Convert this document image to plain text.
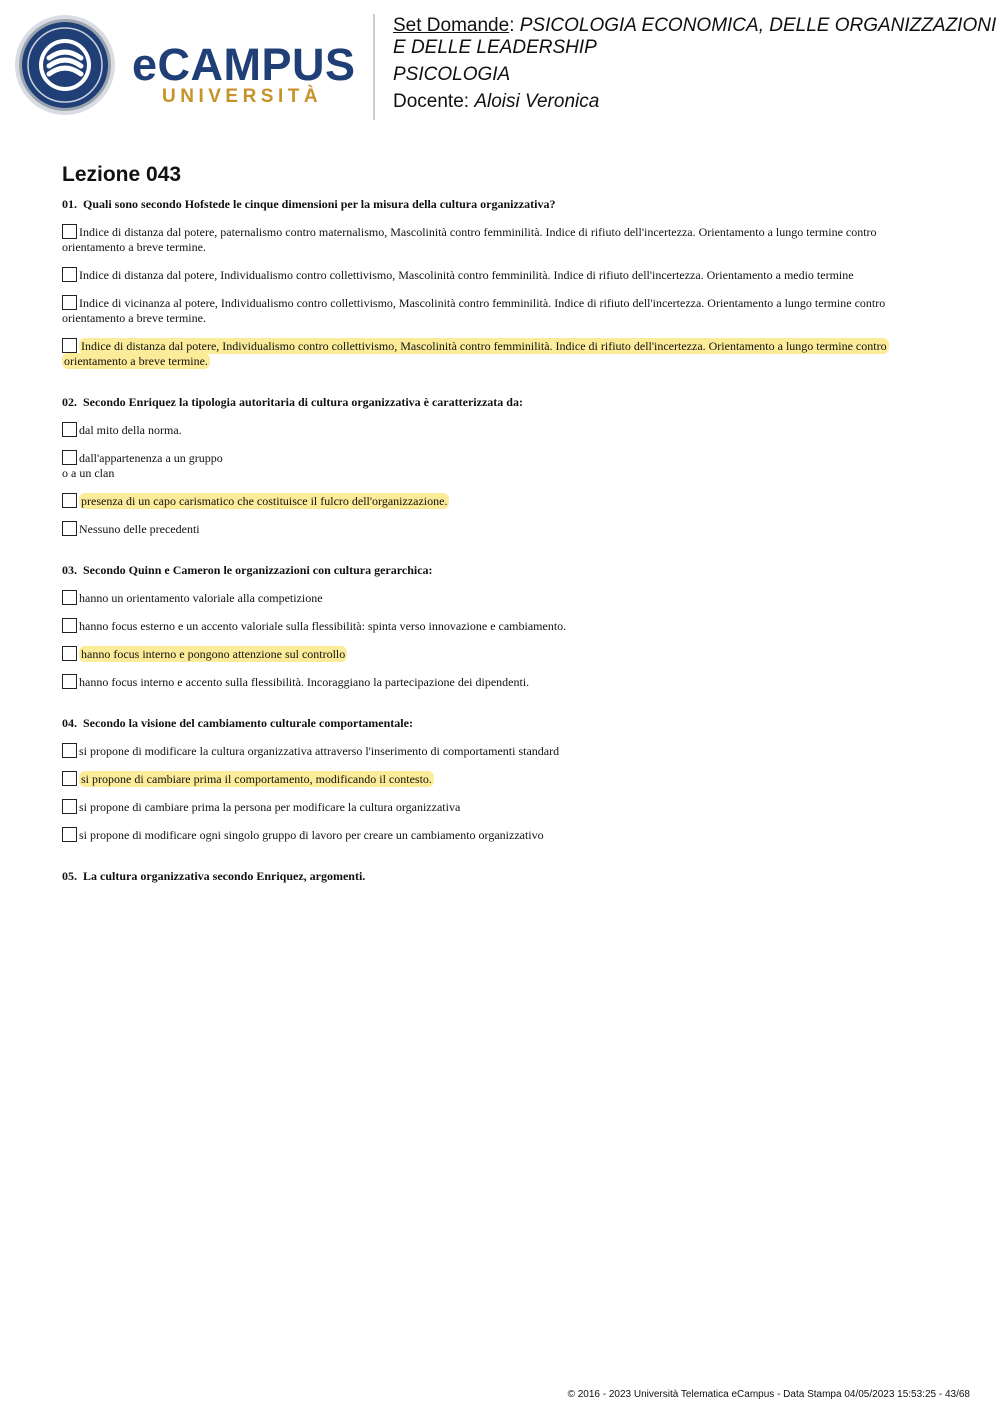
eCAMPUS
UNIVERSITÀ
Set Domande: PSICOLOGIA ECONOMICA, DELLE ORGANIZZAZIONI E DELLE LEADERSHIP
PSICOLOGIA
Docente: Aloisi Veronica
Lezione 043
01. Quali sono secondo Hofstede le cinque dimensioni per la misura della cultura organizzativa?
Indice di distanza dal potere, paternalismo contro maternalismo, Mascolinità contro femminilità. Indice di rifiuto dell'incertezza. Orientamento a lungo termine contro orientamento a breve termine.
Indice di distanza dal potere, Individualismo contro collettivismo, Mascolinità contro femminilità. Indice di rifiuto dell'incertezza. Orientamento a medio termine
Indice di vicinanza al potere, Individualismo contro collettivismo, Mascolinità contro femminilità. Indice di rifiuto dell'incertezza. Orientamento a lungo termine contro orientamento a breve termine.
Indice di distanza dal potere, Individualismo contro collettivismo, Mascolinità contro femminilità. Indice di rifiuto dell'incertezza. Orientamento a lungo termine contro orientamento a breve termine.
02. Secondo Enriquez la tipologia autoritaria di cultura organizzativa è caratterizzata da:
dal mito della norma.
dall'appartenenza a un gruppo
o a un clan
presenza di un capo carismatico che costituisce il fulcro dell'organizzazione.
Nessuno delle precedenti
03. Secondo Quinn e Cameron le organizzazioni con cultura gerarchica:
hanno un orientamento valoriale alla competizione
hanno focus esterno e un accento valoriale sulla flessibilità: spinta verso innovazione e cambiamento.
hanno focus interno e pongono attenzione sul controllo
hanno focus interno e accento sulla flessibilità. Incoraggiano la partecipazione dei dipendenti.
04. Secondo la visione del cambiamento culturale comportamentale:
si propone di modificare la cultura organizzativa attraverso l'inserimento di comportamenti standard
si propone di cambiare prima il comportamento, modificando il contesto.
si propone di cambiare prima la persona per modificare la cultura organizzativa
si propone di modificare ogni singolo gruppo di lavoro per creare un cambiamento organizzativo
05. La cultura organizzativa secondo Enriquez, argomenti.
© 2016 - 2023 Università Telematica eCampus - Data Stampa 04/05/2023 15:53:25 - 43/68
